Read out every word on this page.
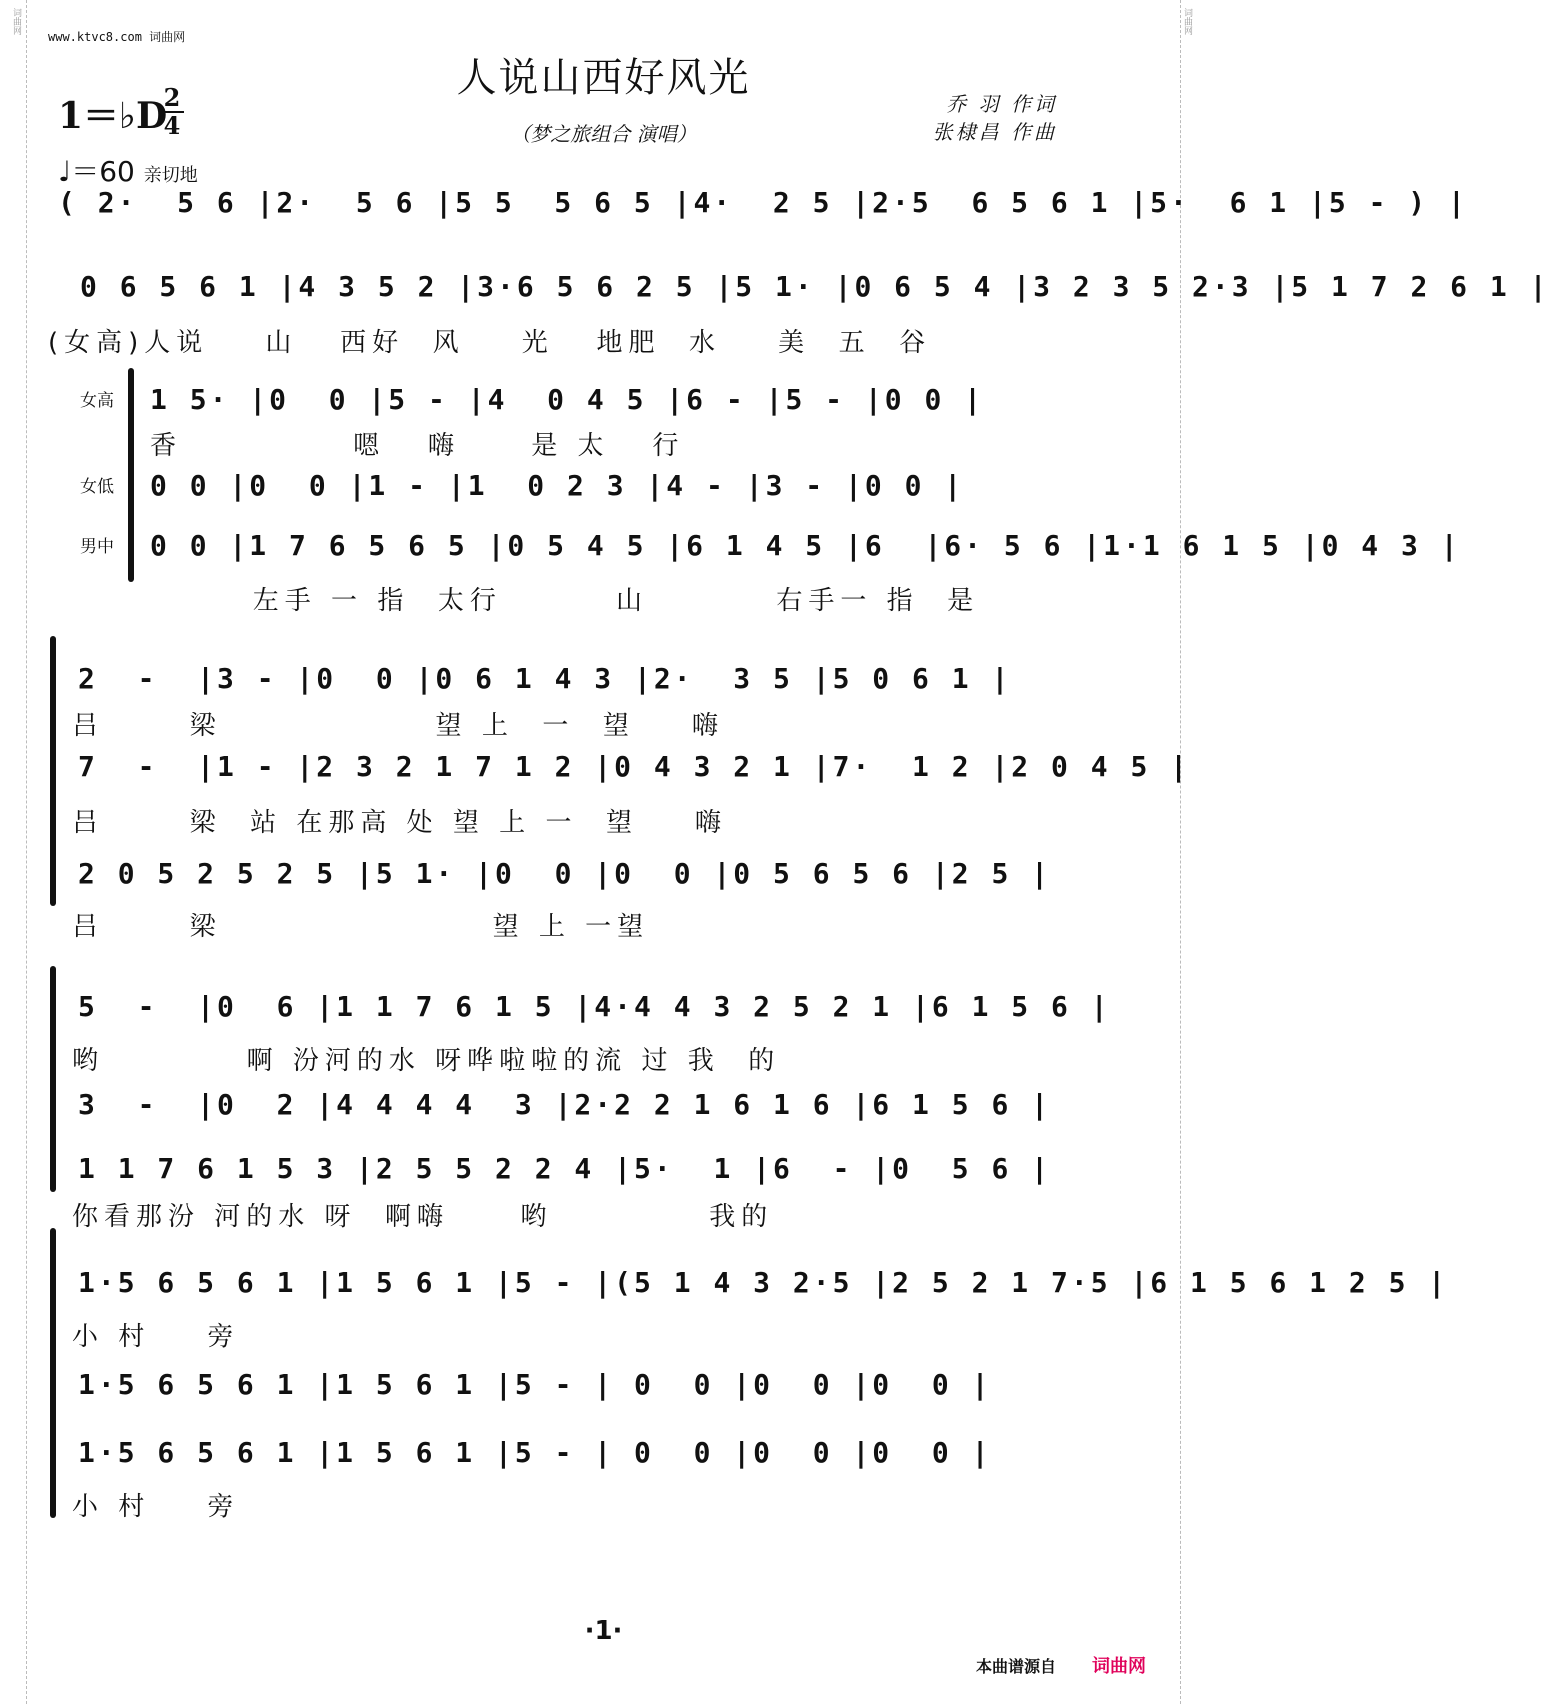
词曲网	词曲网
www.ktvc8.com 词曲网
人说山西好风光
（梦之旅组合 演唱）
1＝♭D
2
4
♩＝60 亲切地
乔 羽 作词
张棣昌 作曲
( 2·  5 6 |2·  5 6 |5 5  5 6 5 |4·  2 5 |2·5  6 5 6 1 |5·  6 1 |5 - ) |
0 6 5 6 1 |4 3 5 2 |3·6 5 6 2 5 |5 1· |0 6 5 4 |3 2 3 5 2·3 |5 1 7 2 6 1 |
(女高)人说    山   西好  风    光   地肥  水    美  五  谷
女高 1 5· |0  0 |5 - |4  0 4 5 |6 - |5 - |0 0 |
香            嗯   嗨     是 太   行
女低 0 0 |0  0 |1 - |1  0 2 3 |4 - |3 - |0 0 |
男中 0 0 |1 7 6 5 6 5 |0 5 4 5 |6 1 4 5 |6  |6· 5 6 |1·1 6 1 5 |0 4 3 |
左手 一 指  太行        山         右手一 指  是
2  -  |3 - |0  0 |0 6 1 4 3 |2·  3 5 |5 0 6 1 |
吕      梁               望 上  一  望    嗨
7  -  |1 - |2 3 2 1 7 1 2 |0 4 3 2 1 |7·  1 2 |2 0 4 5 |
吕      梁  站 在那高 处 望 上 一  望    嗨
2 0 5 2 5 2 5 |5 1· |0  0 |0  0 |0 5 6 5 6 |2 5 |
吕      梁                   望 上 一望
5  -  |0  6 |1 1 7 6 1 5 |4·4 4 3 2 5 2 1 |6 1 5 6 |
哟          啊 汾河的水 呀哗啦啦的流 过 我  的
3  -  |0  2 |4 4 4 4  3 |2·2 2 1 6 1 6 |6 1 5 6 |
1 1 7 6 1 5 3 |2 5 5 2 2 4 |5·  1 |6  - |0  5 6 |
你看那汾 河的水 呀  啊嗨     哟           我的
1·5 6 5 6 1 |1 5 6 1 |5 - |(5 1 4 3 2·5 |2 5 2 1 7·5 |6 1 5 6 1 2 5 |
小 村    旁
1·5 6 5 6 1 |1 5 6 1 |5 - | 0  0 |0  0 |0  0 |
1·5 6 5 6 1 |1 5 6 1 |5 - | 0  0 |0  0 |0  0 |
小 村    旁
·1·
本曲谱源自 词曲网
